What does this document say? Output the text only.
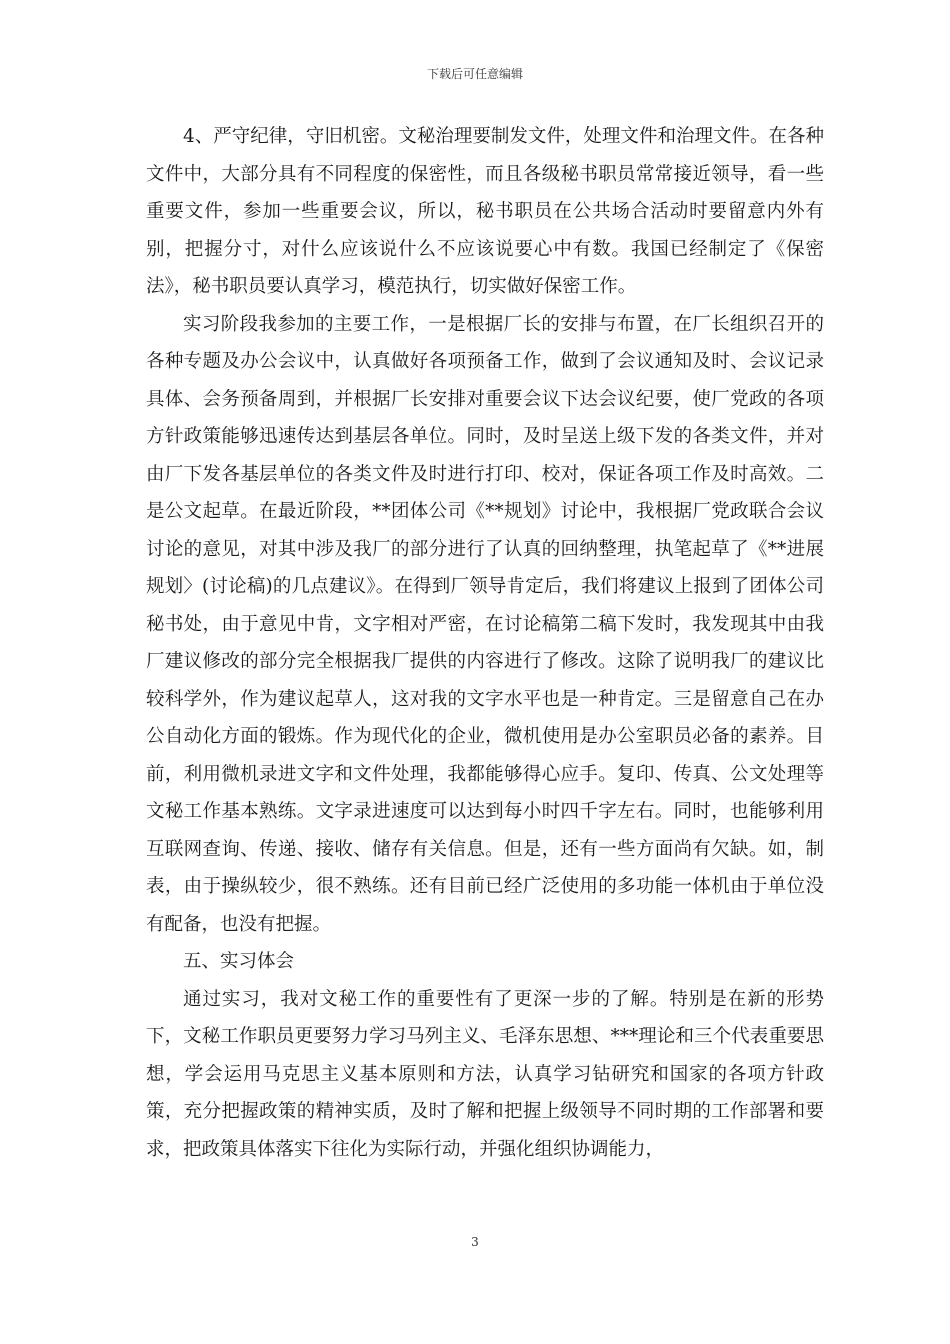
下载后可任意编辑

4、严守纪律，守旧机密。文秘治理要制发文件，处理文件和治理文件。在各种文件中，大部分具有不同程度的保密性，而且各级秘书职员常常接近领导，看一些重要文件，参加一些重要会议，所以，秘书职员在公共场合活动时要留意内外有别，把握分寸，对什么应该说什么不应该说要心中有数。我国已经制定了《保密法》，秘书职员要认真学习，模范执行，切实做好保密工作。

实习阶段我参加的主要工作，一是根据厂长的安排与布置，在厂长组织召开的各种专题及办公会议中，认真做好各项预备工作，做到了会议通知及时、会议记录具体、会务预备周到，并根据厂长安排对重要会议下达会议纪要，使厂党政的各项方针政策能够迅速传达到基层各单位。同时，及时呈送上级下发的各类文件，并对由厂下发各基层单位的各类文件及时进行打印、校对，保证各项工作及时高效。二是公文起草。在最近阶段，**团体公司《**规划》讨论中，我根据厂党政联合会议讨论的意见，对其中涉及我厂的部分进行了认真的回纳整理，执笔起草了《**进展规划〉(讨论稿)的几点建议》。在得到厂领导肯定后，我们将建议上报到了团体公司秘书处，由于意见中肯，文字相对严密，在讨论稿第二稿下发时，我发现其中由我厂建议修改的部分完全根据我厂提供的内容进行了修改。这除了说明我厂的建议比较科学外，作为建议起草人，这对我的文字水平也是一种肯定。三是留意自己在办公自动化方面的锻炼。作为现代化的企业，微机使用是办公室职员必备的素养。目前，利用微机录进文字和文件处理，我都能够得心应手。复印、传真、公文处理等文秘工作基本熟练。文字录进速度可以达到每小时四千字左右。同时，也能够利用互联网查询、传递、接收、储存有关信息。但是，还有一些方面尚有欠缺。如，制表，由于操纵较少，很不熟练。还有目前已经广泛使用的多功能一体机由于单位没有配备，也没有把握。

五、实习体会

通过实习，我对文秘工作的重要性有了更深一步的了解。特别是在新的形势下，文秘工作职员更要努力学习马列主义、毛泽东思想、***理论和三个代表重要思想，学会运用马克思主义基本原则和方法，认真学习钻研究和国家的各项方针政策，充分把握政策的精神实质，及时了解和把握上级领导不同时期的工作部署和要求，把政策具体落实下往化为实际行动，并强化组织协调能力，

3
